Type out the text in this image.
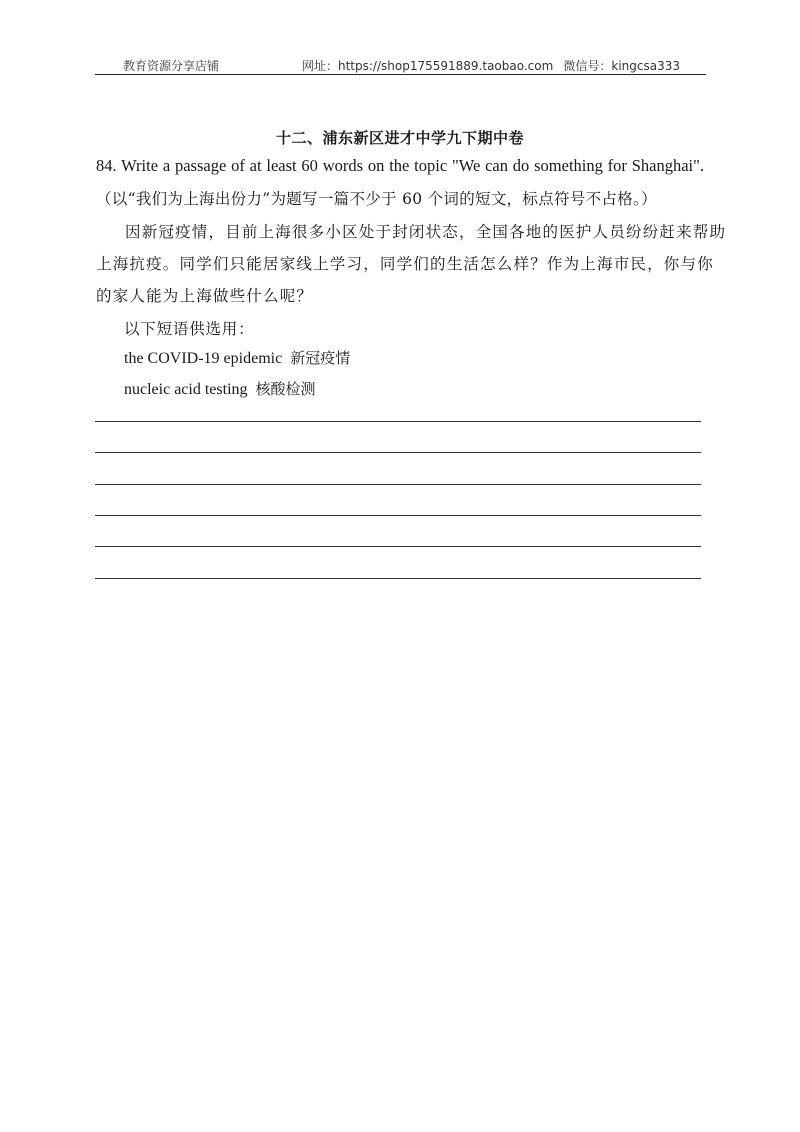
教育资源分享店铺	网址：https://shop175591889.taobao.com 微信号：kingcsa333
十二、浦东新区进才中学九下期中卷
84. Write a passage of at least 60 words on the topic "We can do something for Shanghai".
（以“我们为上海出份力”为题写一篇不少于 60 个词的短文，标点符号不占格。）
因新冠疫情，目前上海很多小区处于封闭状态，全国各地的医护人员纷纷赶来帮助
上海抗疫。同学们只能居家线上学习，同学们的生活怎么样？作为上海市民，你与你
的家人能为上海做些什么呢？
以下短语供选用：
the COVID-19 epidemic 新冠疫情
nucleic acid testing 核酸检测
